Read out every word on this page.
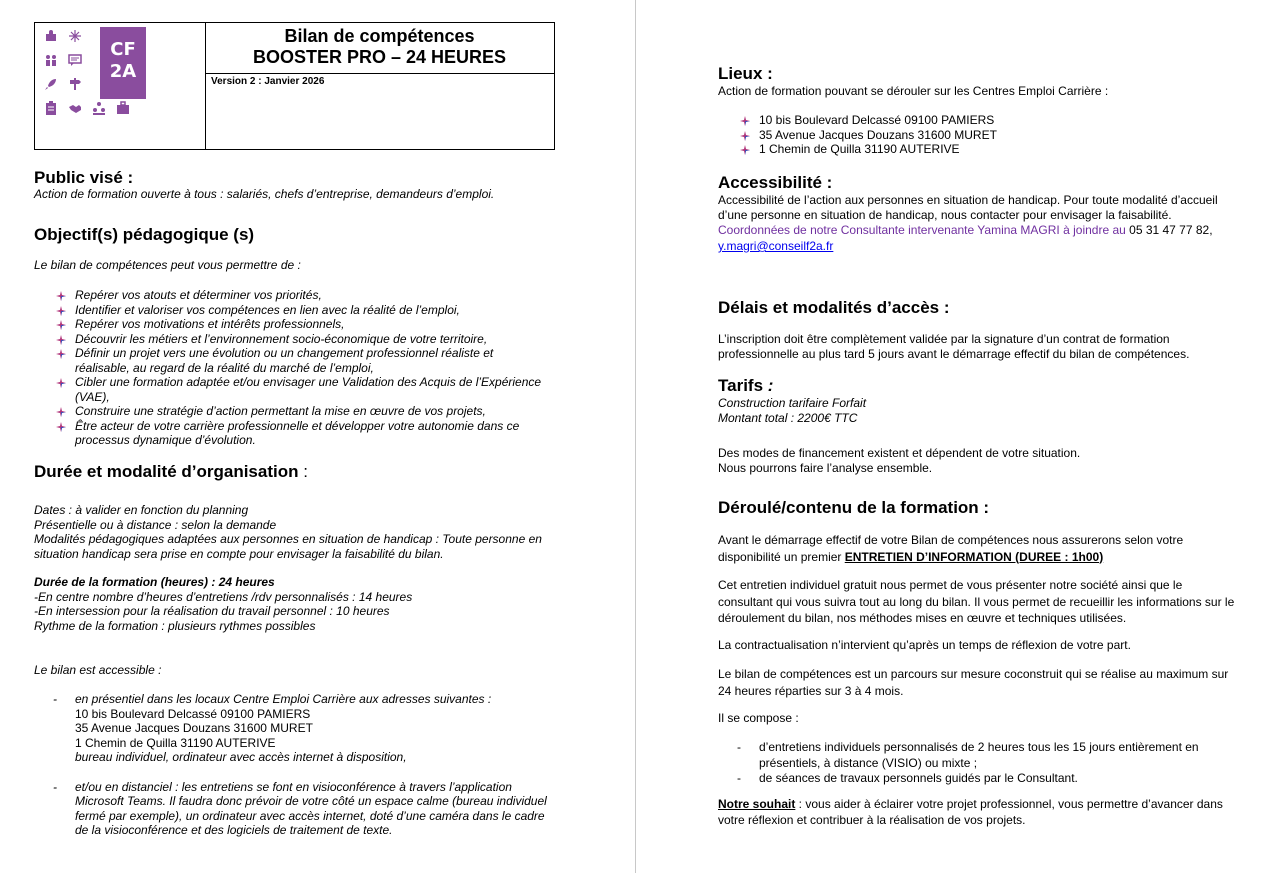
CF
2A
Bilan de compétences
BOOSTER PRO – 24 HEURES
Version 2 : Janvier 2026
Public visé :
Action de formation ouverte à tous : salariés, chefs d’entreprise, demandeurs d’emploi.
Objectif(s) pédagogique (s)
Le bilan de compétences peut vous permettre de :
Repérer vos atouts et déterminer vos priorités,
Identifier et valoriser vos compétences en lien avec la réalité de l’emploi,
Repérer vos motivations et intérêts professionnels,
Découvrir les métiers et l’environnement socio-économique de votre territoire,
Définir un projet vers une évolution ou un changement professionnel réaliste et réalisable, au regard de la réalité du marché de l’emploi,
Cibler une formation adaptée et/ou envisager une Validation des Acquis de l’Expérience (VAE),
Construire une stratégie d’action permettant la mise en œuvre de vos projets,
Être acteur de votre carrière professionnelle et développer votre autonomie dans ce processus dynamique d’évolution.
Durée et modalité d’organisation :
Dates : à valider en fonction du planning
Présentielle ou à distance : selon la demande
Modalités pédagogiques adaptées aux personnes en situation de handicap : Toute personne en situation handicap sera prise en compte pour envisager la faisabilité du bilan.
Durée de la formation (heures) : 24 heures
-En centre nombre d’heures d’entretiens /rdv personnalisés : 14 heures
-En intersession pour la réalisation du travail personnel : 10 heures
Rythme de la formation : plusieurs rythmes possibles
Le bilan est accessible :
- en présentiel dans les locaux Centre Emploi Carrière aux adresses suivantes :
10 bis Boulevard Delcassé 09100 PAMIERS
35 Avenue Jacques Douzans 31600 MURET
1 Chemin de Quilla 31190 AUTERIVE
bureau individuel, ordinateur avec accès internet à disposition,
- et/ou en distanciel : les entretiens se font en visioconférence à travers l’application Microsoft Teams. Il faudra donc prévoir de votre côté un espace calme (bureau individuel fermé par exemple), un ordinateur avec accès internet, doté d’une caméra dans le cadre de la visioconférence et des logiciels de traitement de texte.
Lieux :
Action de formation pouvant se dérouler sur les Centres Emploi Carrière :
10 bis Boulevard Delcassé 09100 PAMIERS
35 Avenue Jacques Douzans 31600 MURET
1 Chemin de Quilla 31190 AUTERIVE
Accessibilité :
Accessibilité de l’action aux personnes en situation de handicap. Pour toute modalité d’accueil d’une personne en situation de handicap, nous contacter pour envisager la faisabilité.
Coordonnées de notre Consultante intervenante Yamina MAGRI à joindre au 05 31 47 77 82, y.magri@conseilf2a.fr
Délais et modalités d’accès :
L’inscription doit être complètement validée par la signature d’un contrat de formation professionnelle au plus tard 5 jours avant le démarrage effectif du bilan de compétences.
Tarifs :
Construction tarifaire Forfait
Montant total : 2200€ TTC
Des modes de financement existent et dépendent de votre situation.
Nous pourrons faire l’analyse ensemble.
Déroulé/contenu de la formation :
Avant le démarrage effectif de votre Bilan de compétences nous assurerons selon votre disponibilité un premier ENTRETIEN D’INFORMATION (DUREE : 1h00)
Cet entretien individuel gratuit nous permet de vous présenter notre société ainsi que le consultant qui vous suivra tout au long du bilan. Il vous permet de recueillir les informations sur le déroulement du bilan, nos méthodes mises en œuvre et techniques utilisées.
La contractualisation n’intervient qu’après un temps de réflexion de votre part.
Le bilan de compétences est un parcours sur mesure coconstruit qui se réalise au maximum sur 24 heures réparties sur 3 à 4 mois.
Il se compose :
- d’entretiens individuels personnalisés de 2 heures tous les 15 jours entièrement en présentiels, à distance (VISIO) ou mixte ;
- de séances de travaux personnels guidés par le Consultant.
Notre souhait : vous aider à éclairer votre projet professionnel, vous permettre d’avancer dans votre réflexion et contribuer à la réalisation de vos projets.
